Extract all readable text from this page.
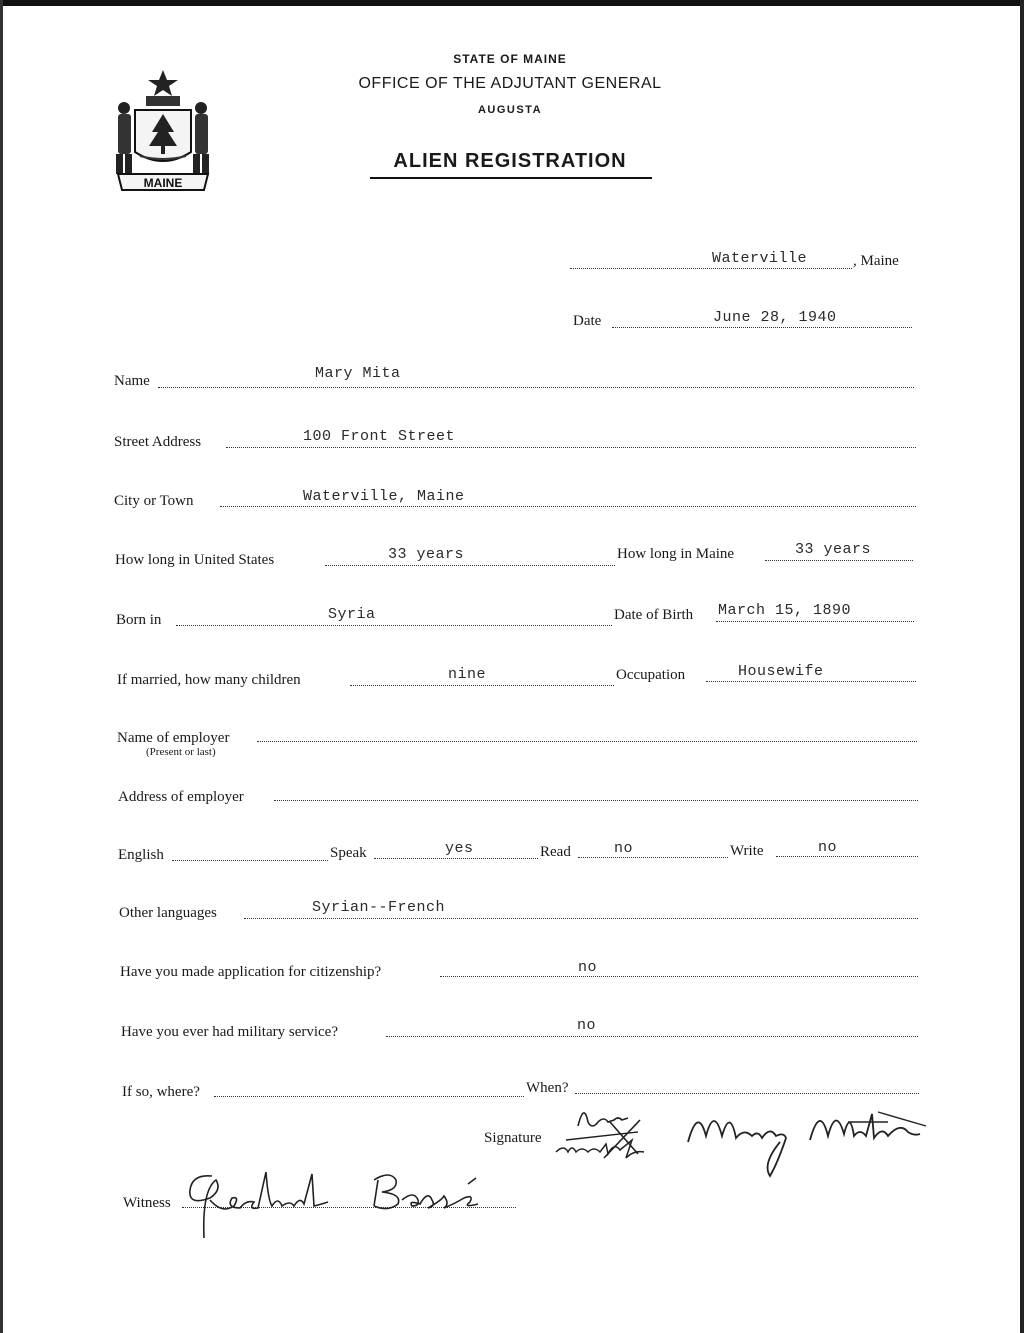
MAINE
STATE OF MAINE
OFFICE OF THE ADJUTANT GENERAL
AUGUSTA
ALIEN REGISTRATION
Waterville	, Maine
Date	June 28, 1940
Name	Mary Mita
Street Address	100 Front Street
City or Town	Waterville, Maine
How long in United States	33 years	How long in Maine	33 years
Born in	Syria	Date of Birth March 15, 1890
If married, how many children	nine	Occupation	Housewife
Name of employer
(Present or last)
Address of employer
English	Speak	yes	Read	no	Write	no
Other languages	Syrian--French
Have you made application for citizenship?	no
Have you ever had military service?	no
If so, where?	When?
Signature
Witness
